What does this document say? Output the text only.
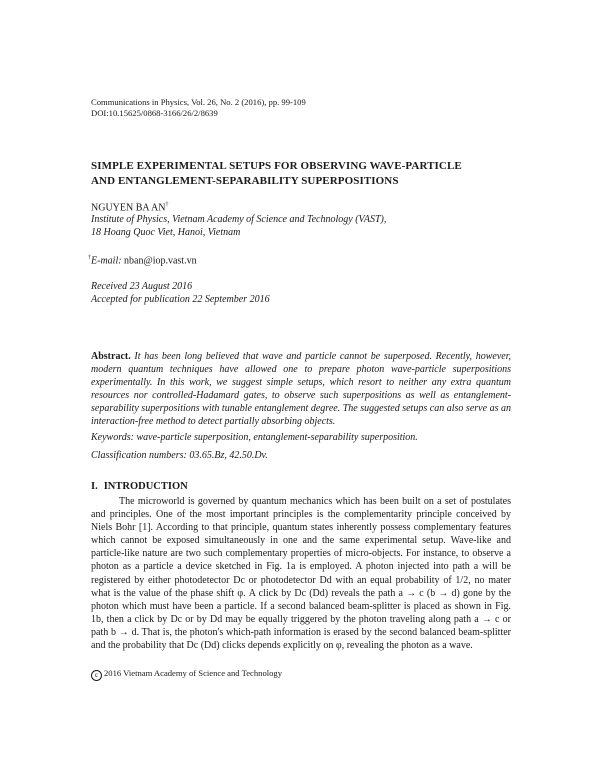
Communications in Physics, Vol. 26, No. 2 (2016), pp. 99-109
DOI:10.15625/0868-3166/26/2/8639
SIMPLE EXPERIMENTAL SETUPS FOR OBSERVING WAVE-PARTICLE
AND ENTANGLEMENT-SEPARABILITY SUPERPOSITIONS
NGUYEN BA AN†
Institute of Physics, Vietnam Academy of Science and Technology (VAST),
18 Hoang Quoc Viet, Hanoi, Vietnam
†E-mail: nban@iop.vast.vn
Received 23 August 2016
Accepted for publication 22 September 2016
Abstract. It has been long believed that wave and particle cannot be superposed. Recently, however, modern quantum techniques have allowed one to prepare photon wave-particle superpositions experimentally. In this work, we suggest simple setups, which resort to neither any extra quantum resources nor controlled-Hadamard gates, to observe such superpositions as well as entanglement-separability superpositions with tunable entanglement degree. The suggested setups can also serve as an interaction-free method to detect partially absorbing objects.
Keywords: wave-particle superposition, entanglement-separability superposition.
Classification numbers: 03.65.Bz, 42.50.Dv.
I. INTRODUCTION
The microworld is governed by quantum mechanics which has been built on a set of postulates and principles. One of the most important principles is the complementarity principle conceived by Niels Bohr [1]. According to that principle, quantum states inherently possess complementary features which cannot be exposed simultaneously in one and the same experimental setup. Wave-like and particle-like nature are two such complementary properties of micro-objects. For instance, to observe a photon as a particle a device sketched in Fig. 1a is employed. A photon injected into path a will be registered by either photodetector Dc or photodetector Dd with an equal probability of 1/2, no mater what is the value of the phase shift φ. A click by Dc (Dd) reveals the path a → c (b → d) gone by the photon which must have been a particle. If a second balanced beam-splitter is placed as shown in Fig. 1b, then a click by Dc or by Dd may be equally triggered by the photon traveling along path a → c or path b → d. That is, the photon's which-path information is erased by the second balanced beam-splitter and the probability that Dc (Dd) clicks depends explicitly on φ, revealing the photon as a wave.
c 2016 Vietnam Academy of Science and Technology
